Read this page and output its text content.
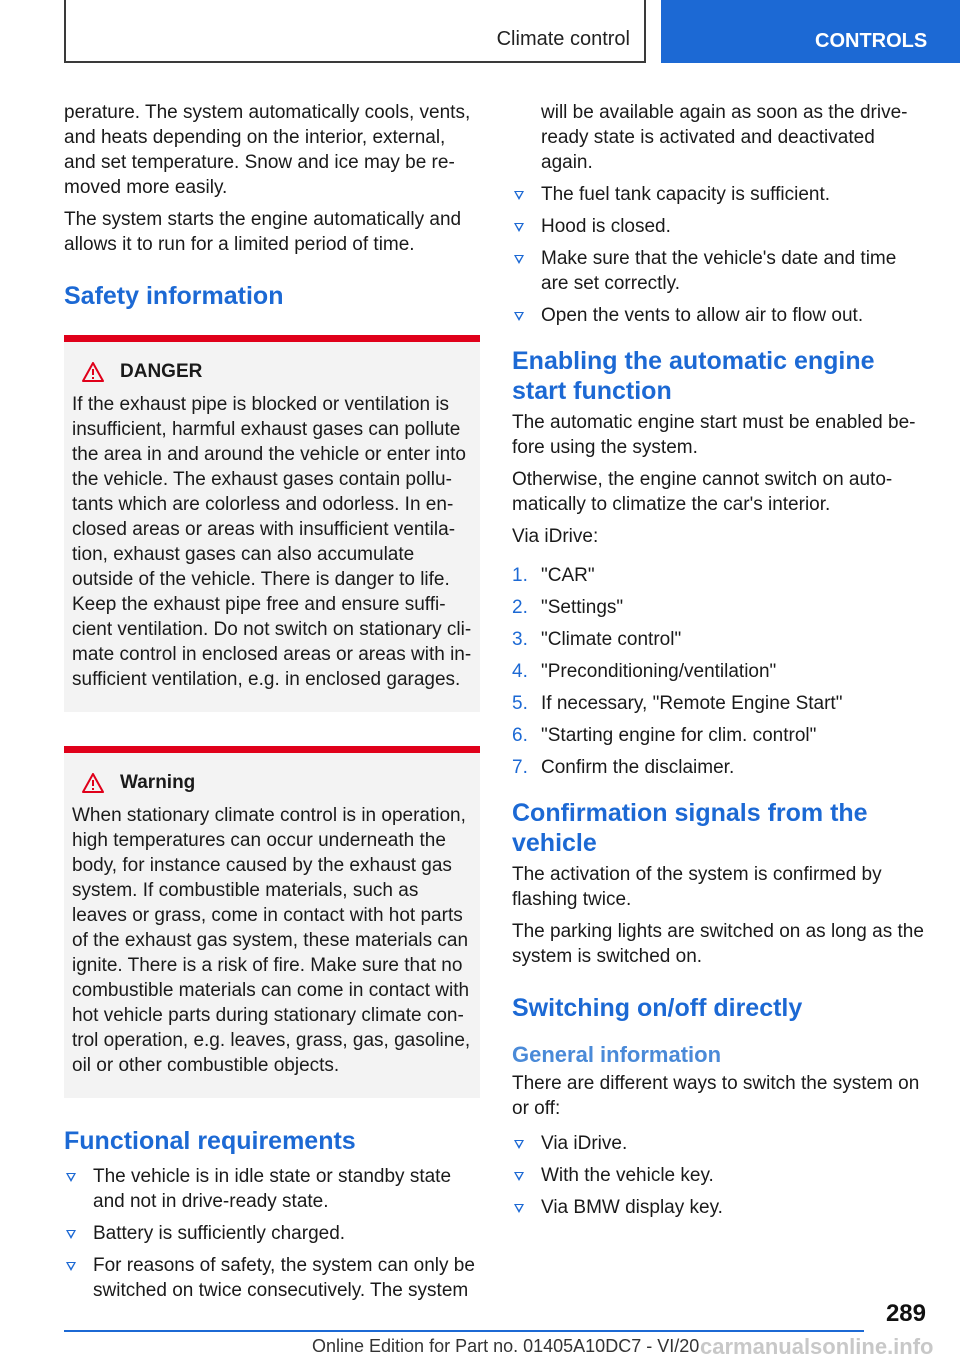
Climate control	CONTROLS

perature. The system automatically cools, vents, and heats depending on the interior, external, and set temperature. Snow and ice may be removed more easily.

The system starts the engine automatically and allows it to run for a limited period of time.

Safety information
DANGER
If the exhaust pipe is blocked or ventilation is insufficient, harmful exhaust gases can pollute the area in and around the vehicle or enter into the vehicle. The exhaust gases contain pollutants which are colorless and odorless. In enclosed areas or areas with insufficient ventilation, exhaust gases can also accumulate outside of the vehicle. There is danger to life. Keep the exhaust pipe free and ensure sufficient ventilation. Do not switch on stationary climate control in enclosed areas or areas with insufficient ventilation, e.g. in enclosed garages.
Warning
When stationary climate control is in operation, high temperatures can occur underneath the body, for instance caused by the exhaust gas system. If combustible materials, such as leaves or grass, come in contact with hot parts of the exhaust gas system, these materials can ignite. There is a risk of fire. Make sure that no combustible materials can come in contact with hot vehicle parts during stationary climate control operation, e.g. leaves, grass, gas, gasoline, oil or other combustible objects.
Functional requirements
The vehicle is in idle state or standby state and not in drive-ready state.
Battery is sufficiently charged.
For reasons of safety, the system can only be switched on twice consecutively. The system
will be available again as soon as the drive-ready state is activated and deactivated again.
The fuel tank capacity is sufficient.
Hood is closed.
Make sure that the vehicle's date and time are set correctly.
Open the vents to allow air to flow out.
Enabling the automatic engine start function

The automatic engine start must be enabled before using the system.

Otherwise, the engine cannot switch on automatically to climatize the car's interior.

Via iDrive:

1. "CAR"
2. "Settings"
3. "Climate control"
4. "Preconditioning/ventilation"
5. If necessary, "Remote Engine Start"
6. "Starting engine for clim. control"
7. Confirm the disclaimer.
Confirmation signals from the vehicle

The activation of the system is confirmed by flashing twice.

The parking lights are switched on as long as the system is switched on.

Switching on/off directly
General information

There are different ways to switch the system on or off:

Via iDrive.
With the vehicle key.
Via BMW display key.
289
Online Edition for Part no. 01405A10DC7 - VI/20 carmanualsonline.info
